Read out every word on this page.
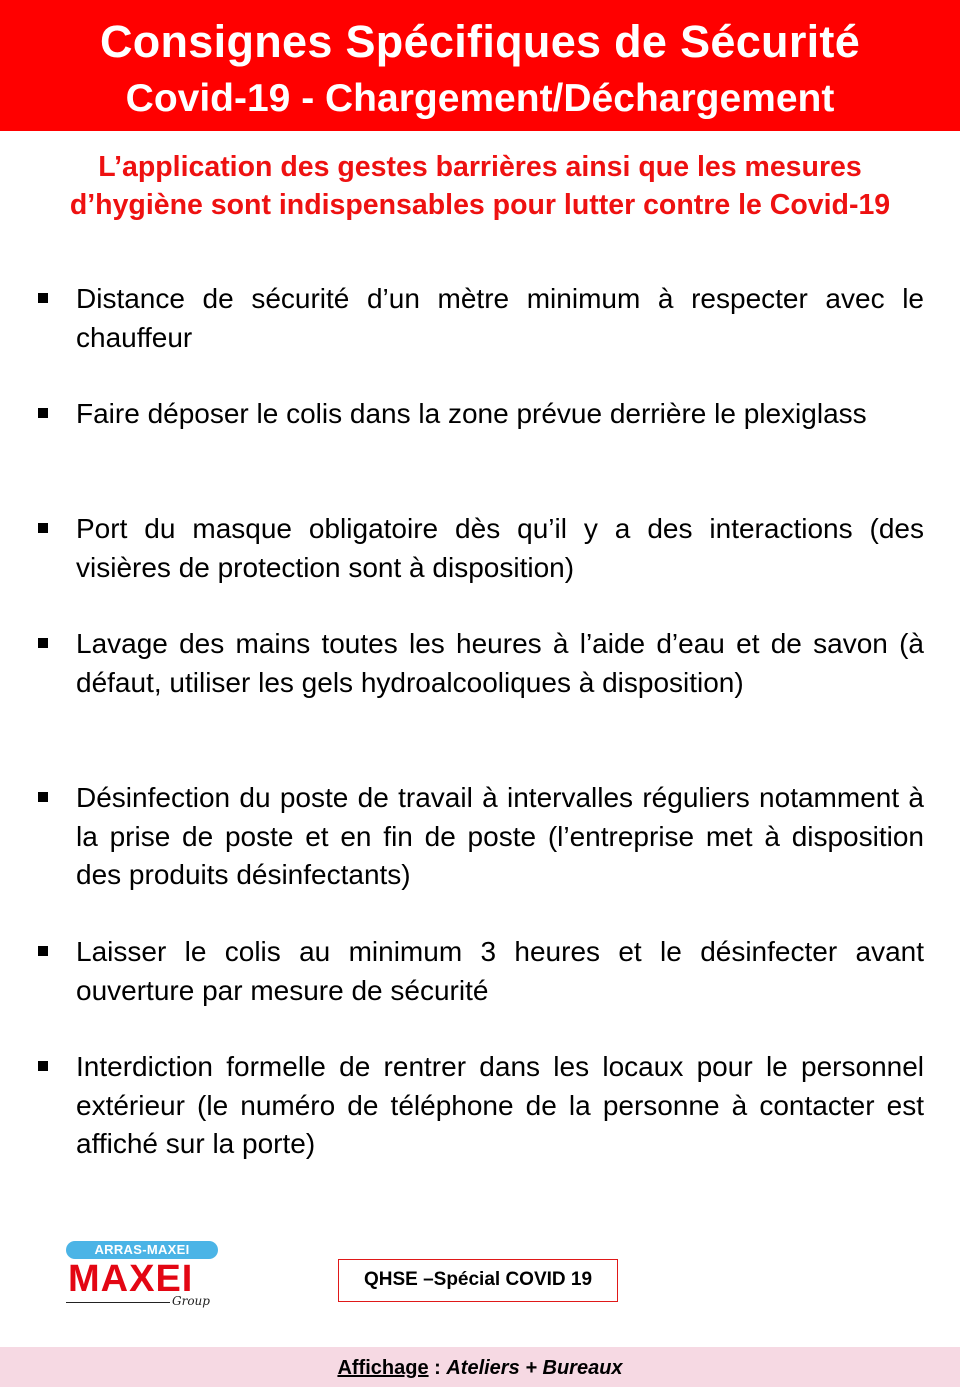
Consignes Spécifiques de Sécurité
Covid-19 - Chargement/Déchargement
L’application des gestes barrières ainsi que les mesures
d’hygiène sont indispensables pour lutter contre le Covid-19
Distance de sécurité d’un mètre minimum à respecter avec le chauffeur
Faire déposer le colis dans la zone prévue derrière le plexiglass
Port du masque obligatoire dès qu’il y a des interactions (des visières de protection sont à disposition)
Lavage des mains toutes les heures à l’aide d’eau et de savon (à défaut, utiliser les gels hydroalcooliques à disposition)
Désinfection du poste de travail à intervalles réguliers notamment à la prise de poste et en fin de poste (l’entreprise met à disposition des produits désinfectants)
Laisser le colis au minimum 3 heures et le désinfecter avant ouverture par mesure de sécurité
Interdiction formelle de rentrer dans les locaux pour le personnel extérieur (le numéro de téléphone de la personne à contacter est affiché sur la porte)
ARRAS-MAXEI
MAXEI
Group
QHSE –Spécial COVID 19
Affichage : Ateliers + Bureaux
